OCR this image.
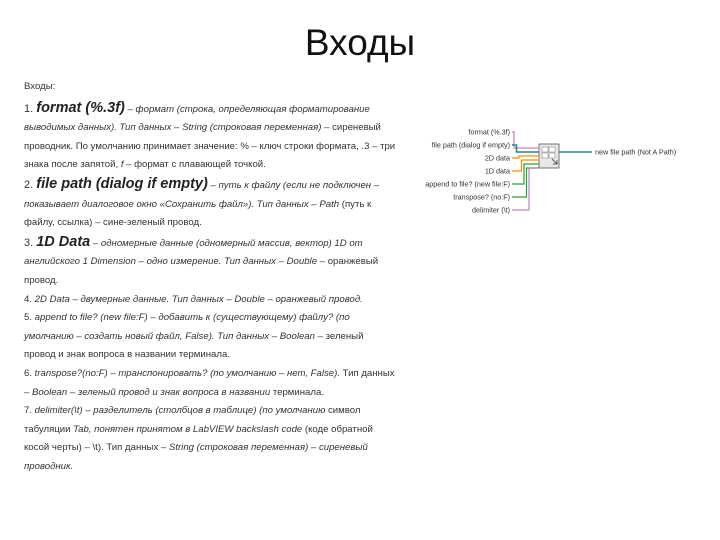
Входы

Входы:

1. format (%.3f) – формат (строка, определяющая форматирование выводимых данных). Тип данных – String (строковая переменная) – сиреневый проводник. По умолчанию принимает значение: % – ключ строки формата, .3 – три знака после запятой, f – формат с плавающей точкой.

2. file path (dialog if empty) – путь к файлу (если не подключен – показывает диалоговое окно «Сохранить файл»). Тип данных – Path (путь к файлу, ссылка) – сине-зеленый провод.

3. 1D Data – одномерные данные (одномерный массив, вектор) 1D от английского 1 Dimension – одно измерение. Тип данных – Double – оранжевый провод.

4. 2D Data – двумерные данные. Тип данных – Double – оранжевый провод.

5. append to file? (new file:F) – добавить к (существующему) файлу? (по умолчанию – создать новый файл, False). Тип данных – Boolean – зеленый провод и знак вопроса в названии терминала.

6. transpose?(no:F) – транспонировать? (по умолчанию – нет, False). Тип данных – Boolean – зеленый провод и знак вопроса в названии терминала.

7. delimiter(\t) – разделитель (столбцов в таблице) (по умолчанию символ табуляции Tab, понятен принятом в LabVIEW backslash code (коде обратной косой черты) – \t). Тип данных – String (строковая переменная) – сиреневый проводник.

format (%.3f)
file path (dialog if empty)
2D data
1D data
append to file? (new file:F)
transpose? (no:F)
delimiter (\t)
new file path (Not A Path)
